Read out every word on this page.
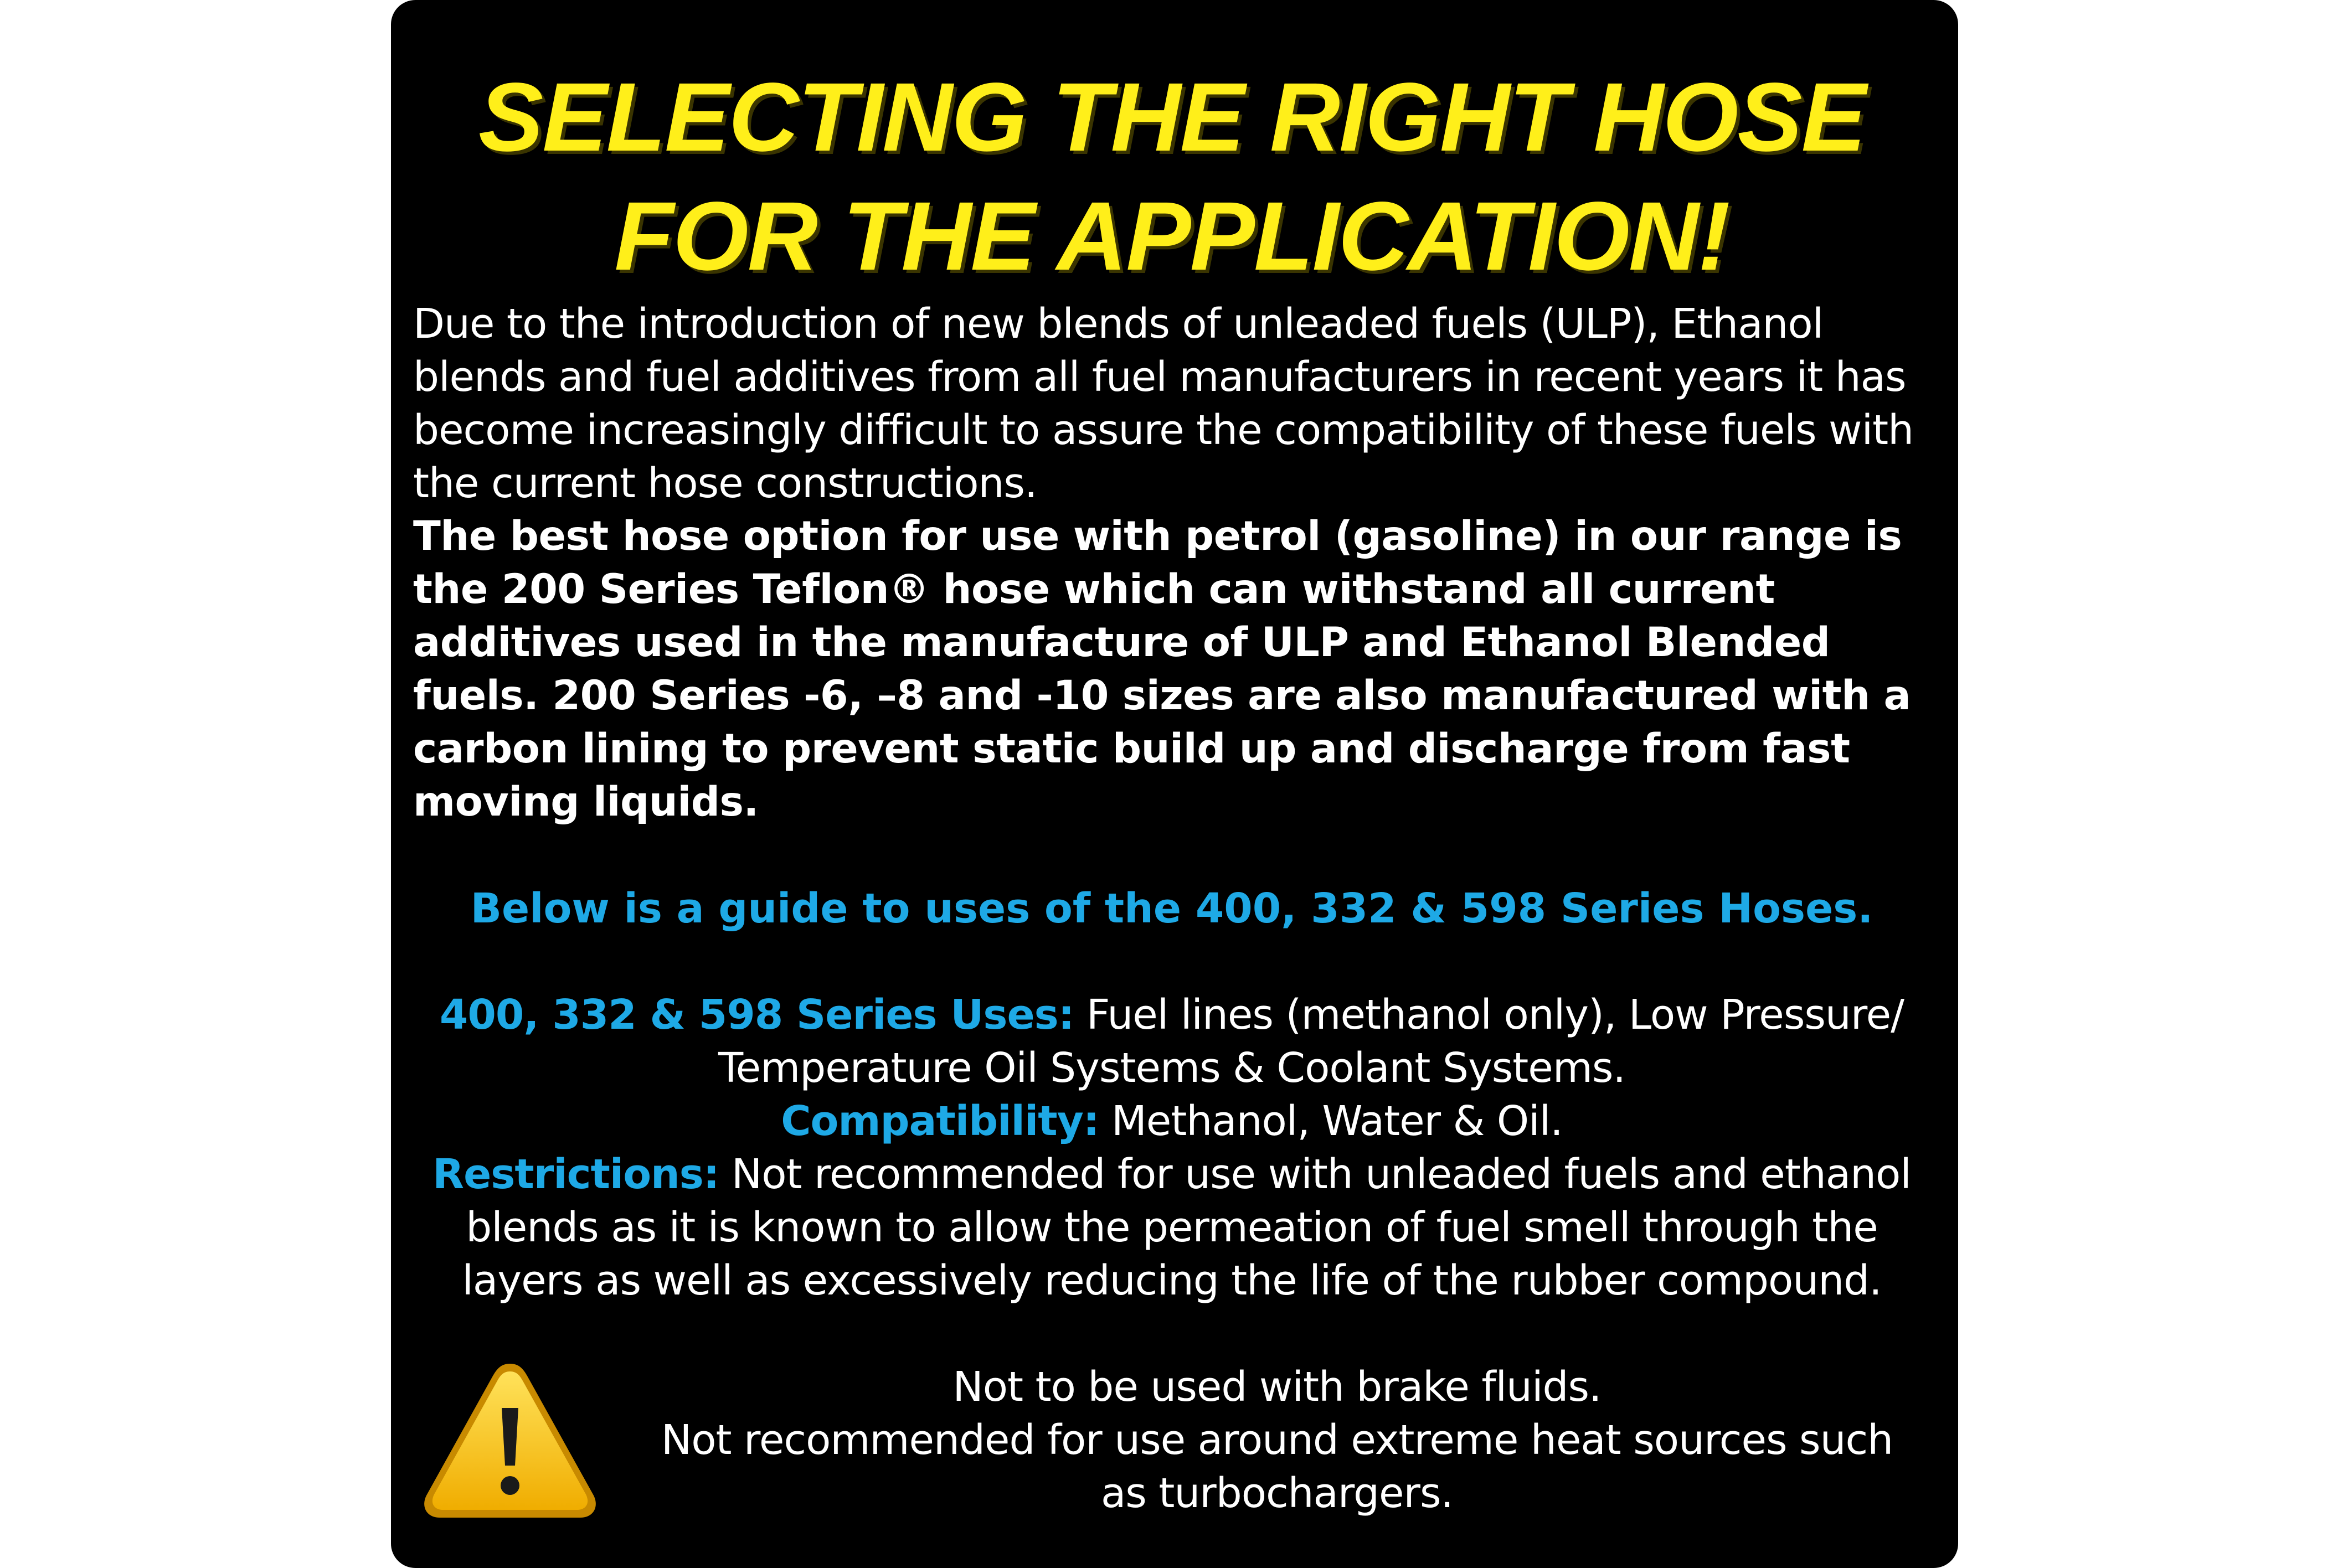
SELECTING THE RIGHT HOSE
FOR THE APPLICATION!

Due to the introduction of new blends of unleaded fuels (ULP), Ethanol blends and fuel additives from all fuel manufacturers in recent years it has become increasingly difficult to assure the compatibility of these fuels with the current hose constructions.

The best hose option for use with petrol (gasoline) in our range is the 200 Series Teflon® hose which can withstand all current additives used in the manufacture of ULP and Ethanol Blended fuels. 200 Series -6, –8 and -10 sizes are also manufactured with a carbon lining to prevent static build up and discharge from fast moving liquids.

Below is a guide to uses of the 400, 332 & 598 Series Hoses.

400, 332 & 598 Series Uses: Fuel lines (methanol only), Low Pressure/ Temperature Oil Systems & Coolant Systems.

Compatibility: Methanol, Water & Oil.

Restrictions: Not recommended for use with unleaded fuels and ethanol blends as it is known to allow the permeation of fuel smell through the layers as well as excessively reducing the life of the rubber compound.

Not to be used with brake fluids.
Not recommended for use around extreme heat sources such as turbochargers.
